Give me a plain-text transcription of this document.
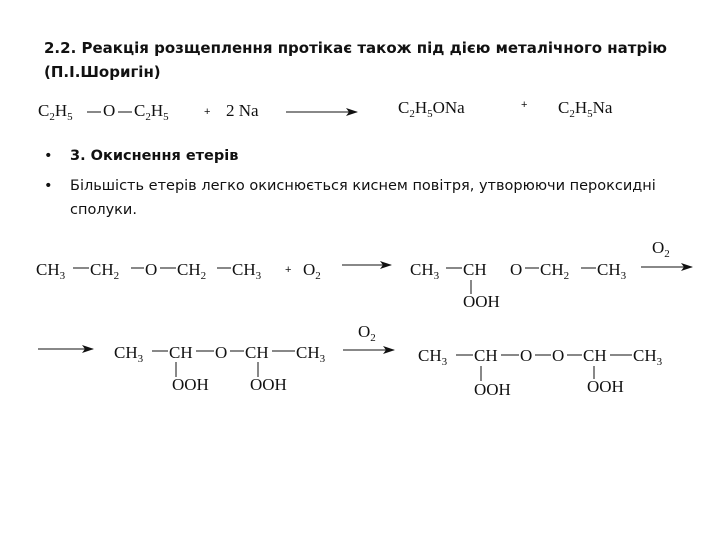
2.2. Реакція розщеплення протікає також під дією металічного натрію (П.І.Шоригін)

$C_2H_5$ O $C_2H_5$	+ 2 Na	$C_2H_5ONa$	+ $C_2H_5Na$
• 3. Окиснення етерів
• Більшість етерів легко окиснюється киснем повітря, утворюючи пероксидні сполуки.
$CH_3$ $CH_2$ O $CH_2$ $CH_3 + O_2$	$CH_3$ CH O $CH_2$ $CH_3$
OOH
$O_2$
$CH_3$ CH O CH $CH_3$
OOH OOH
$O_2$
$CH_3$ CH O O CH $CH_3$
OOH	OOH
